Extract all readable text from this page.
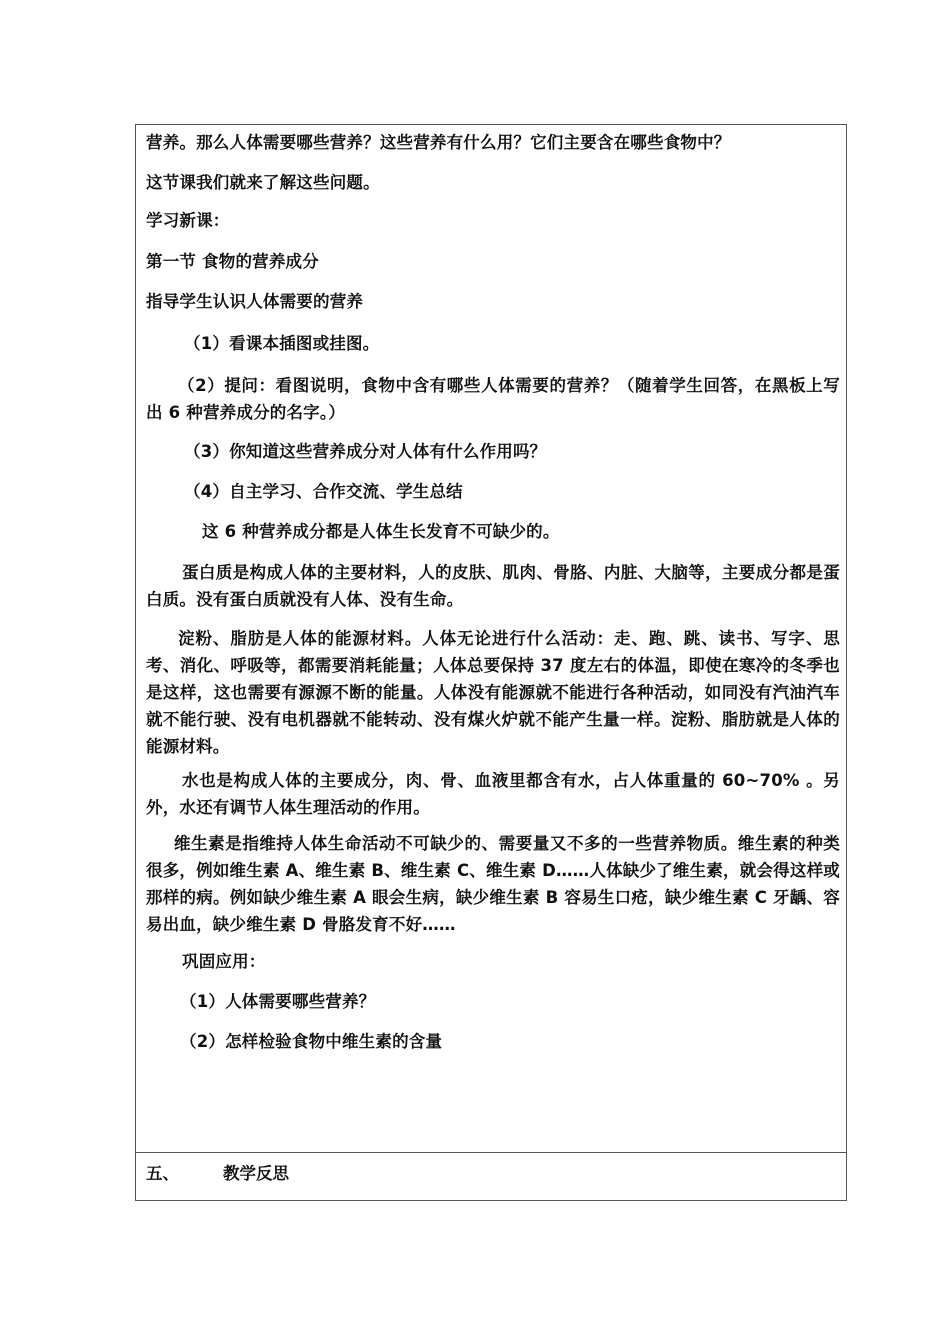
营养。那么人体需要哪些营养？这些营养有什么用？它们主要含在哪些食物中？
这节课我们就来了解这些问题。
学习新课：
第一节 食物的营养成分
指导学生认识人体需要的营养
（1）看课本插图或挂图。
（2）提问：看图说明，食物中含有哪些人体需要的营养？（随着学生回答，在黑板上写出 6 种营养成分的名字。）
（3）你知道这些营养成分对人体有什么作用吗？
（4）自主学习、合作交流、学生总结
这 6 种营养成分都是人体生长发育不可缺少的。
蛋白质是构成人体的主要材料，人的皮肤、肌肉、骨胳、内脏、大脑等，主要成分都是蛋白质。没有蛋白质就没有人体、没有生命。
淀粉、脂肪是人体的能源材料。人体无论进行什么活动：走、跑、跳、读书、写字、思考、消化、呼吸等，都需要消耗能量；人体总要保持 37 度左右的体温，即使在寒冷的冬季也是这样，这也需要有源源不断的能量。人体没有能源就不能进行各种活动，如同没有汽油汽车就不能行驶、没有电机器就不能转动、没有煤火炉就不能产生量一样。淀粉、脂肪就是人体的能源材料。
水也是构成人体的主要成分，肉、骨、血液里都含有水，占人体重量的 60~70% 。另外，水还有调节人体生理活动的作用。
维生素是指维持人体生命活动不可缺少的、需要量又不多的一些营养物质。维生素的种类很多，例如维生素 A、维生素 B、维生素 C、维生素 D……人体缺少了维生素，就会得这样或那样的病。例如缺少维生素 A 眼会生病，缺少维生素 B 容易生口疮，缺少维生素 C 牙龋、容易出血，缺少维生素 D 骨胳发育不好……
巩固应用：
（1）人体需要哪些营养？
（2）怎样检验食物中维生素的含量
五、	教学反思
